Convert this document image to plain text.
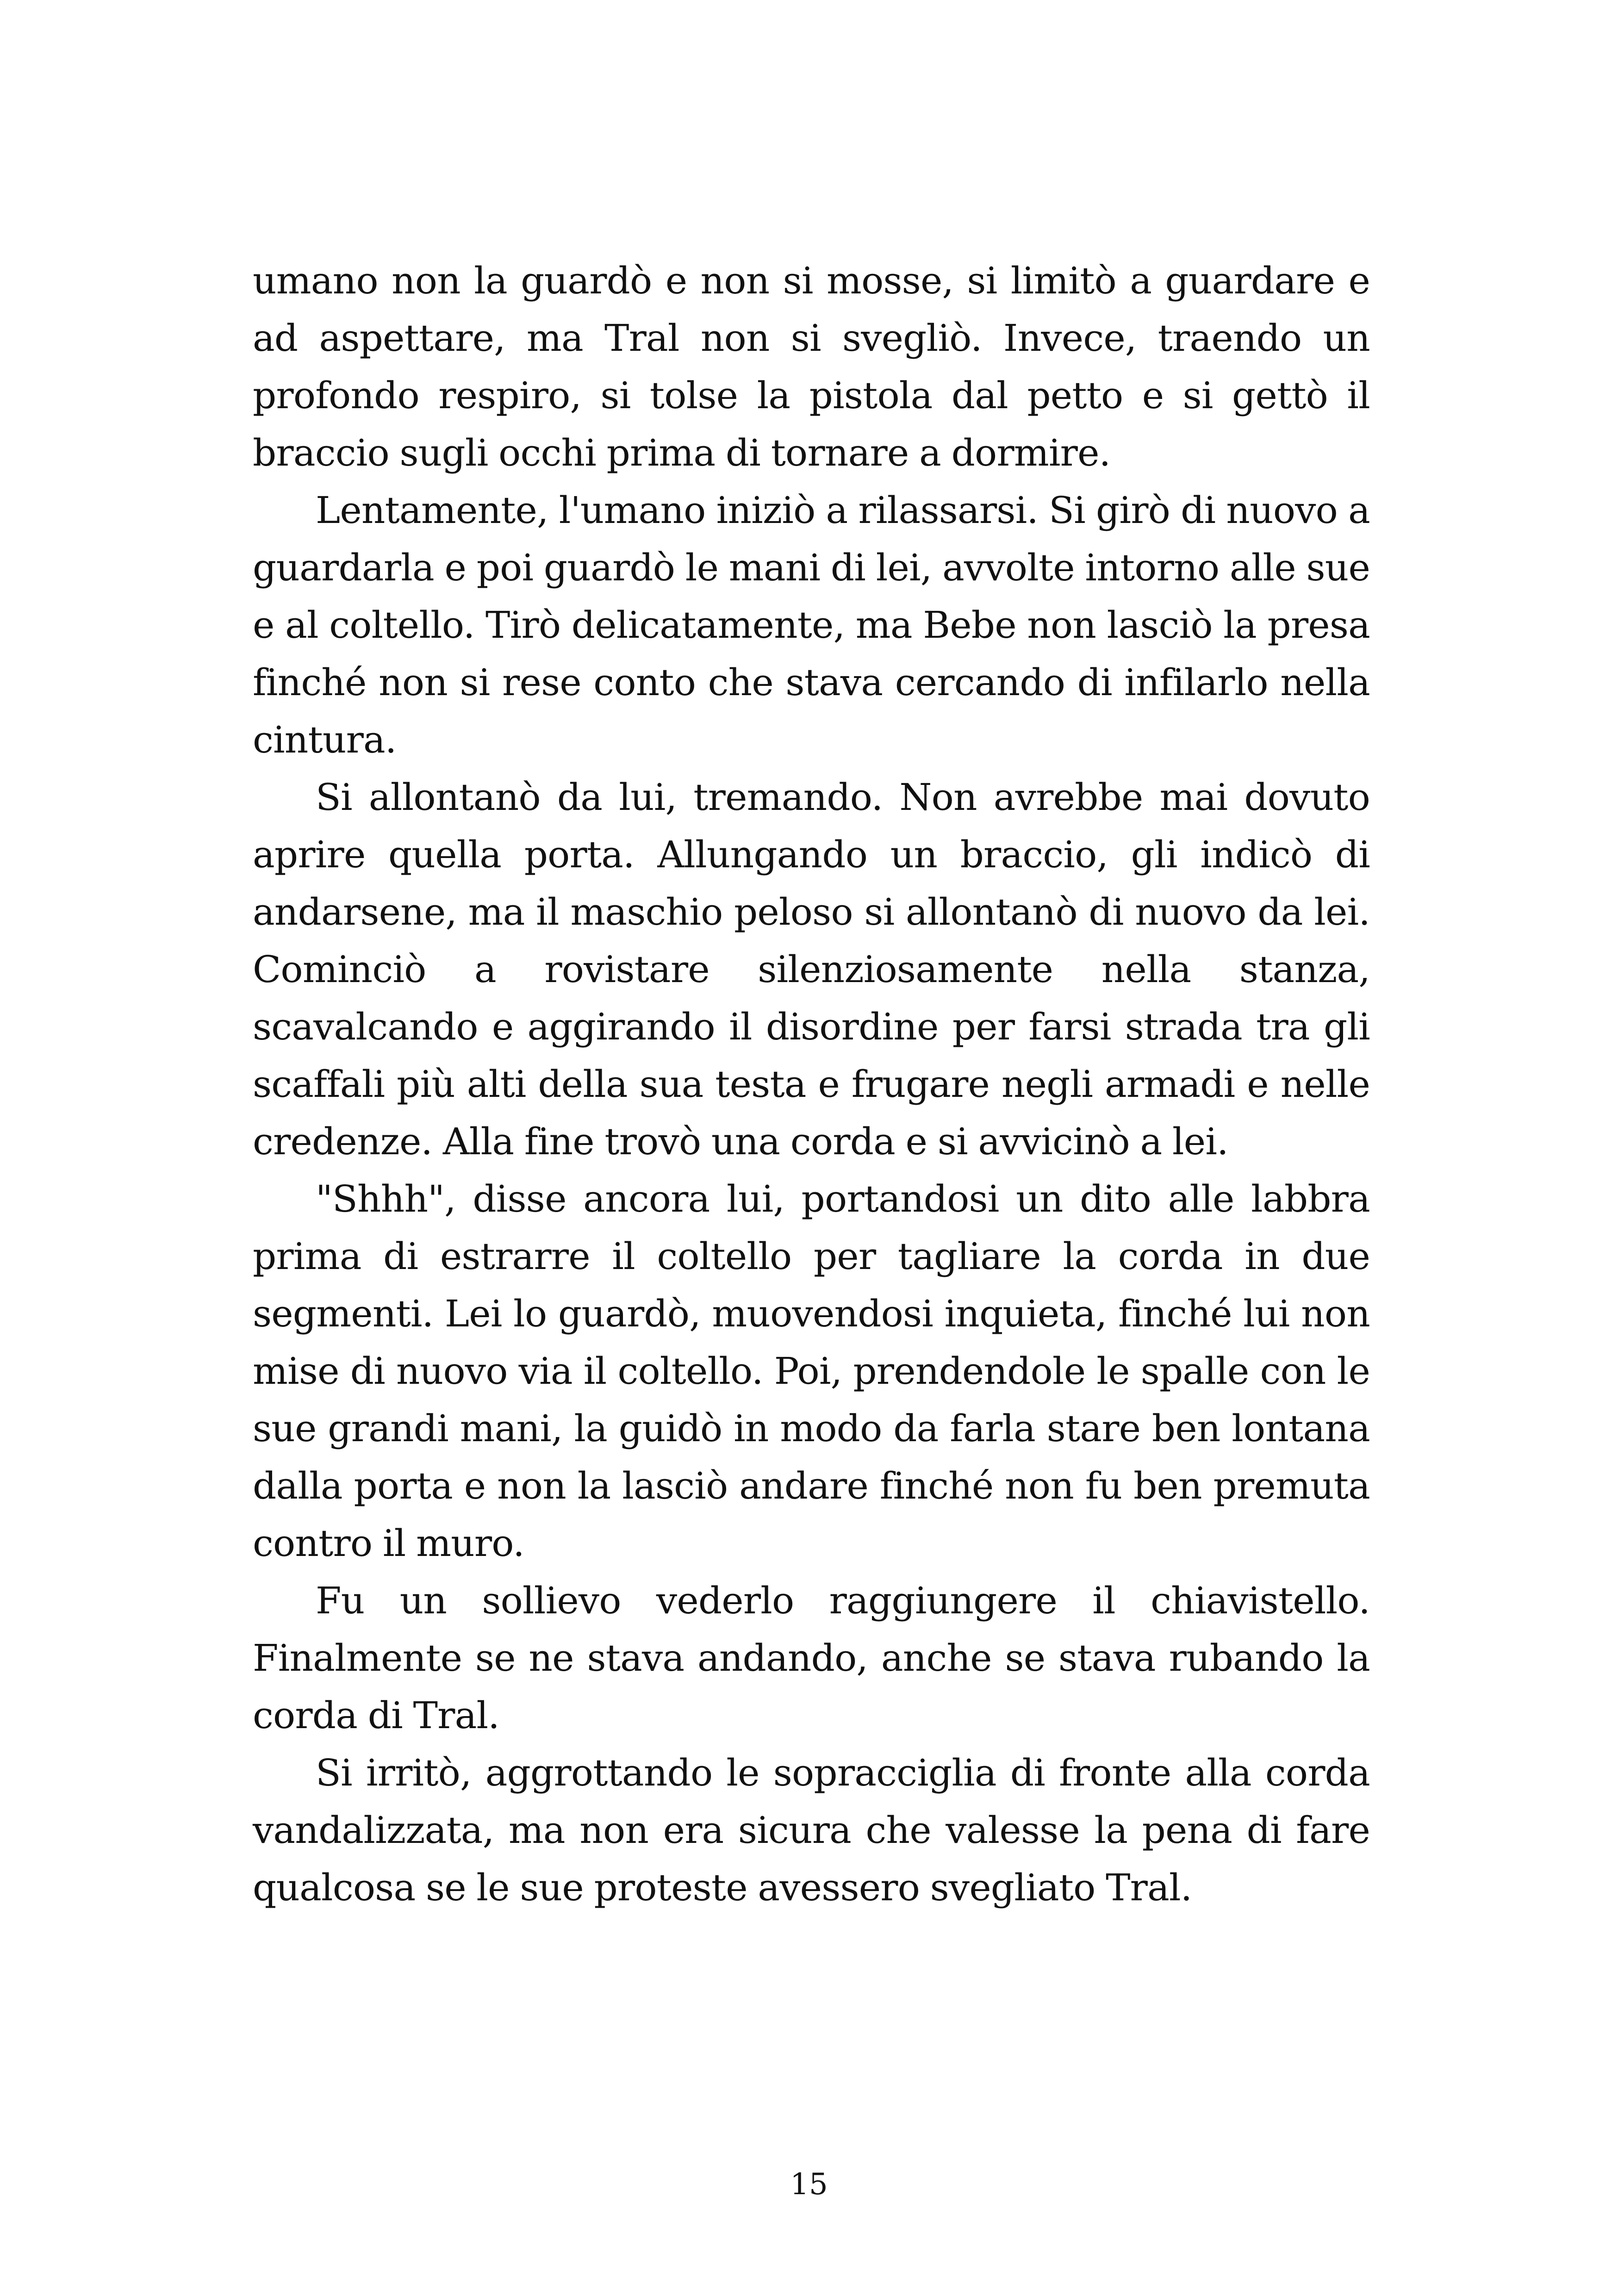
umano non la guardò e non si mosse, si limitò a guardare e ad aspettare, ma Tral non si svegliò. Invece, traendo un profondo respiro, si tolse la pistola dal petto e si gettò il braccio sugli occhi prima di tornare a dormire.

Lentamente, l'umano iniziò a rilassarsi. Si girò di nuovo a guardarla e poi guardò le mani di lei, avvolte intorno alle sue e al coltello. Tirò delicatamente, ma Bebe non lasciò la presa finché non si rese conto che stava cercando di infilarlo nella cintura.

Si allontanò da lui, tremando. Non avrebbe mai dovuto aprire quella porta. Allungando un braccio, gli indicò di andarsene, ma il maschio peloso si allontanò di nuovo da lei. Cominciò a rovistare silenziosamente nella stanza, scavalcando e aggirando il disordine per farsi strada tra gli scaffali più alti della sua testa e frugare negli armadi e nelle credenze. Alla fine trovò una corda e si avvicinò a lei.

"Shhh", disse ancora lui, portandosi un dito alle labbra prima di estrarre il coltello per tagliare la corda in due segmenti. Lei lo guardò, muovendosi inquieta, finché lui non mise di nuovo via il coltello. Poi, prendendole le spalle con le sue grandi mani, la guidò in modo da farla stare ben lontana dalla porta e non la lasciò andare finché non fu ben premuta contro il muro.

Fu un sollievo vederlo raggiungere il chiavistello. Finalmente se ne stava andando, anche se stava rubando la corda di Tral.

Si irritò, aggrottando le sopracciglia di fronte alla corda vandalizzata, ma non era sicura che valesse la pena di fare qualcosa se le sue proteste avessero svegliato Tral.

15
